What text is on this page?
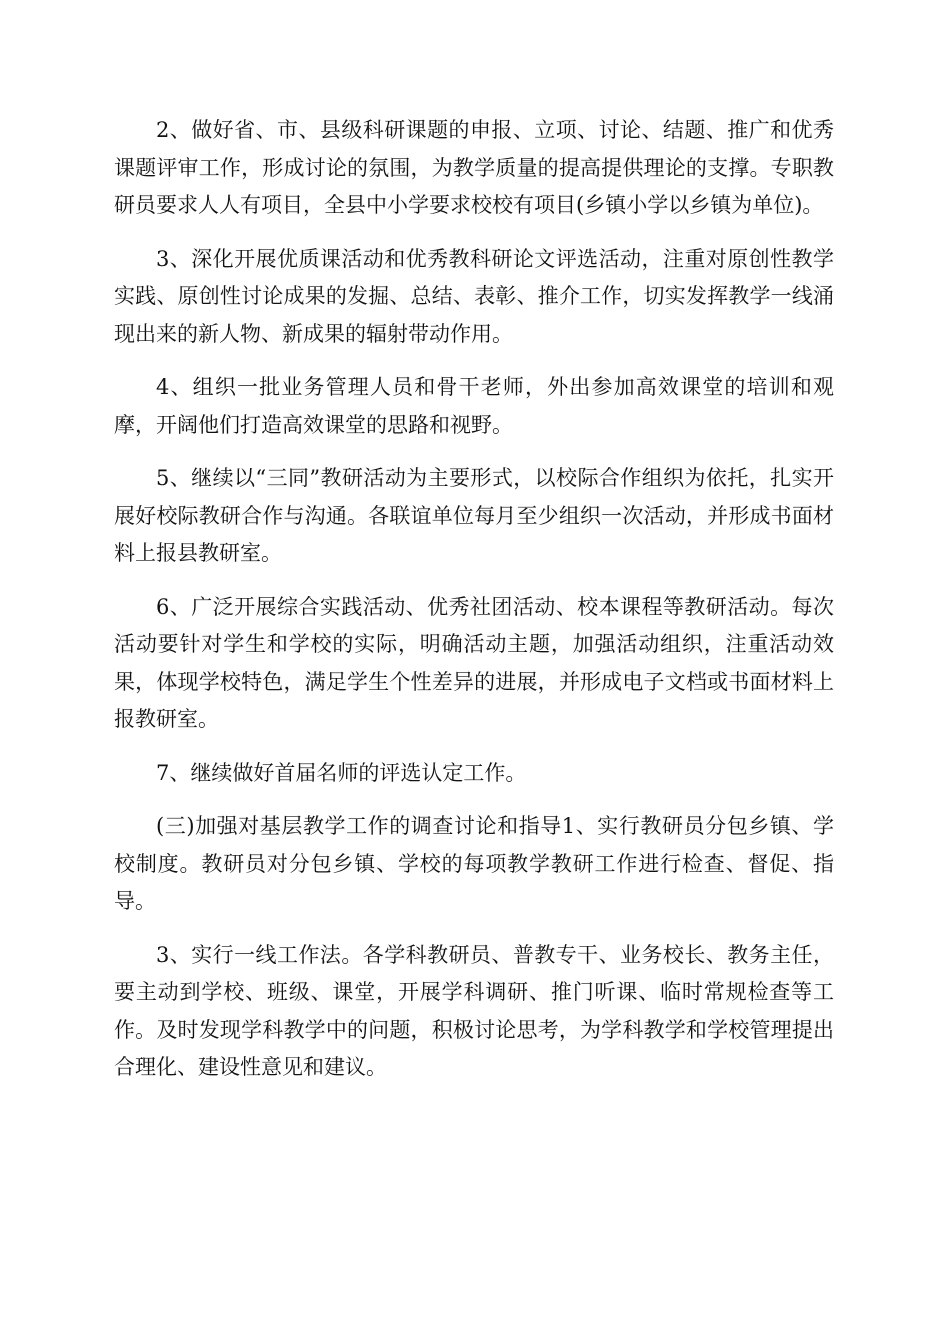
2、做好省、市、县级科研课题的申报、立项、讨论、结题、推广和优秀课题评审工作，形成讨论的氛围，为教学质量的提高提供理论的支撑。专职教研员要求人人有项目，全县中小学要求校校有项目(乡镇小学以乡镇为单位)。

3、深化开展优质课活动和优秀教科研论文评选活动，注重对原创性教学实践、原创性讨论成果的发掘、总结、表彰、推介工作，切实发挥教学一线涌现出来的新人物、新成果的辐射带动作用。

4、组织一批业务管理人员和骨干老师，外出参加高效课堂的培训和观摩，开阔他们打造高效课堂的思路和视野。

5、继续以“三同”教研活动为主要形式，以校际合作组织为依托，扎实开展好校际教研合作与沟通。各联谊单位每月至少组织一次活动，并形成书面材料上报县教研室。

6、广泛开展综合实践活动、优秀社团活动、校本课程等教研活动。每次活动要针对学生和学校的实际，明确活动主题，加强活动组织，注重活动效果，体现学校特色，满足学生个性差异的进展，并形成电子文档或书面材料上报教研室。

7、继续做好首届名师的评选认定工作。

(三)加强对基层教学工作的调查讨论和指导1、实行教研员分包乡镇、学校制度。教研员对分包乡镇、学校的每项教学教研工作进行检查、督促、指导。

3、实行一线工作法。各学科教研员、普教专干、业务校长、教务主任，要主动到学校、班级、课堂，开展学科调研、推门听课、临时常规检查等工作。及时发现学科教学中的问题，积极讨论思考，为学科教学和学校管理提出合理化、建设性意见和建议。
